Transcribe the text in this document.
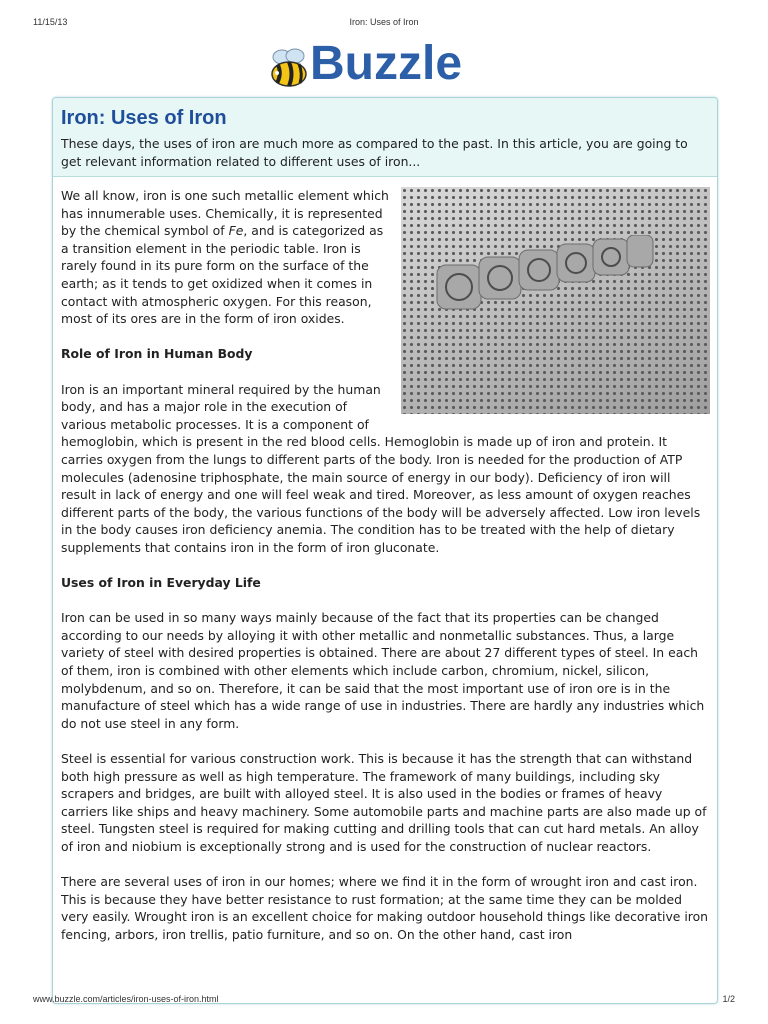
11/15/13	Iron: Uses of Iron
Buzzle
Iron: Uses of Iron

These days, the uses of iron are much more as compared to the past. In this article, you are going to get relevant information related to different uses of iron...

We all know, iron is one such metallic element which has innumerable uses. Chemically, it is represented by the chemical symbol of Fe, and is categorized as a transition element in the periodic table. Iron is rarely found in its pure form on the surface of the earth; as it tends to get oxidized when it comes in contact with atmospheric oxygen. For this reason, most of its ores are in the form of iron oxides.

Role of Iron in Human Body

Iron is an important mineral required by the human body, and has a major role in the execution of various metabolic processes. It is a component of hemoglobin, which is present in the red blood cells. Hemoglobin is made up of iron and protein. It carries oxygen from the lungs to different parts of the body. Iron is needed for the production of ATP molecules (adenosine triphosphate, the main source of energy in our body). Deficiency of iron will result in lack of energy and one will feel weak and tired. Moreover, as less amount of oxygen reaches different parts of the body, the various functions of the body will be adversely affected. Low iron levels in the body causes iron deficiency anemia. The condition has to be treated with the help of dietary supplements that contains iron in the form of iron gluconate.

Uses of Iron in Everyday Life

Iron can be used in so many ways mainly because of the fact that its properties can be changed according to our needs by alloying it with other metallic and nonmetallic substances. Thus, a large variety of steel with desired properties is obtained. There are about 27 different types of steel. In each of them, iron is combined with other elements which include carbon, chromium, nickel, silicon, molybdenum, and so on. Therefore, it can be said that the most important use of iron ore is in the manufacture of steel which has a wide range of use in industries. There are hardly any industries which do not use steel in any form.

Steel is essential for various construction work. This is because it has the strength that can withstand both high pressure as well as high temperature. The framework of many buildings, including sky scrapers and bridges, are built with alloyed steel. It is also used in the bodies or frames of heavy carriers like ships and heavy machinery. Some automobile parts and machine parts are also made up of steel. Tungsten steel is required for making cutting and drilling tools that can cut hard metals. An alloy of iron and niobium is exceptionally strong and is used for the construction of nuclear reactors.

There are several uses of iron in our homes; where we find it in the form of wrought iron and cast iron. This is because they have better resistance to rust formation; at the same time they can be molded very easily. Wrought iron is an excellent choice for making outdoor household things like decorative iron fencing, arbors, iron trellis, patio furniture, and so on. On the other hand, cast iron

www.buzzle.com/articles/iron-uses-of-iron.html	1/2
